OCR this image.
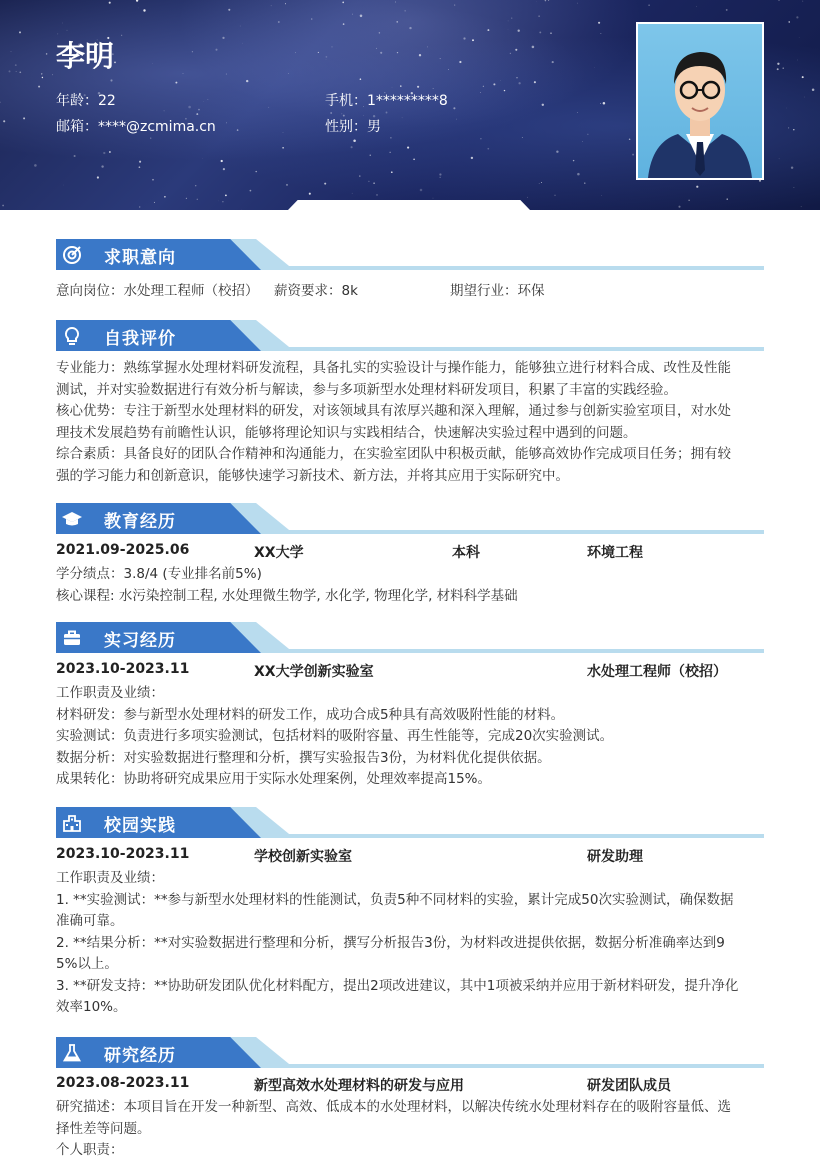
李明
年龄：22	手机：1*********8
邮箱：****@zcmima.cn	性别：男
求职意向
意向岗位：水处理工程师（校招） 薪资要求：8k	期望行业：环保
自我评价
专业能力：熟练掌握水处理材料研发流程，具备扎实的实验设计与操作能力，能够独立进行材料合成、改性及性能
测试，并对实验数据进行有效分析与解读，参与多项新型水处理材料研发项目，积累了丰富的实践经验。
核心优势：专注于新型水处理材料的研发，对该领域具有浓厚兴趣和深入理解，通过参与创新实验室项目，对水处
理技术发展趋势有前瞻性认识，能够将理论知识与实践相结合，快速解决实验过程中遇到的问题。
综合素质：具备良好的团队合作精神和沟通能力，在实验室团队中积极贡献，能够高效协作完成项目任务；拥有较
强的学习能力和创新意识，能够快速学习新技术、新方法，并将其应用于实际研究中。
教育经历
2021.09-2025.06	XX大学	本科	环境工程
学分绩点：3.8/4 (专业排名前5%)
核心课程: 水污染控制工程, 水处理微生物学, 水化学, 物理化学, 材料科学基础
实习经历
2023.10-2023.11	XX大学创新实验室	水处理工程师（校招）
工作职责及业绩：
材料研发：参与新型水处理材料的研发工作，成功合成5种具有高效吸附性能的材料。
实验测试：负责进行多项实验测试，包括材料的吸附容量、再生性能等，完成20次实验测试。
数据分析：对实验数据进行整理和分析，撰写实验报告3份，为材料优化提供依据。
成果转化：协助将研究成果应用于实际水处理案例，处理效率提高15%。
校园实践
2023.10-2023.11	学校创新实验室	研发助理
工作职责及业绩：
1. **实验测试：**参与新型水处理材料的性能测试，负责5种不同材料的实验，累计完成50次实验测试，确保数据
准确可靠。
2. **结果分析：**对实验数据进行整理和分析，撰写分析报告3份，为材料改进提供依据，数据分析准确率达到9
5%以上。
3. **研发支持：**协助研发团队优化材料配方，提出2项改进建议，其中1项被采纳并应用于新材料研发，提升净化
效率10%。
研究经历
2023.08-2023.11	新型高效水处理材料的研发与应用	研发团队成员
研究描述：本项目旨在开发一种新型、高效、低成本的水处理材料，以解决传统水处理材料存在的吸附容量低、选
择性差等问题。
个人职责：
